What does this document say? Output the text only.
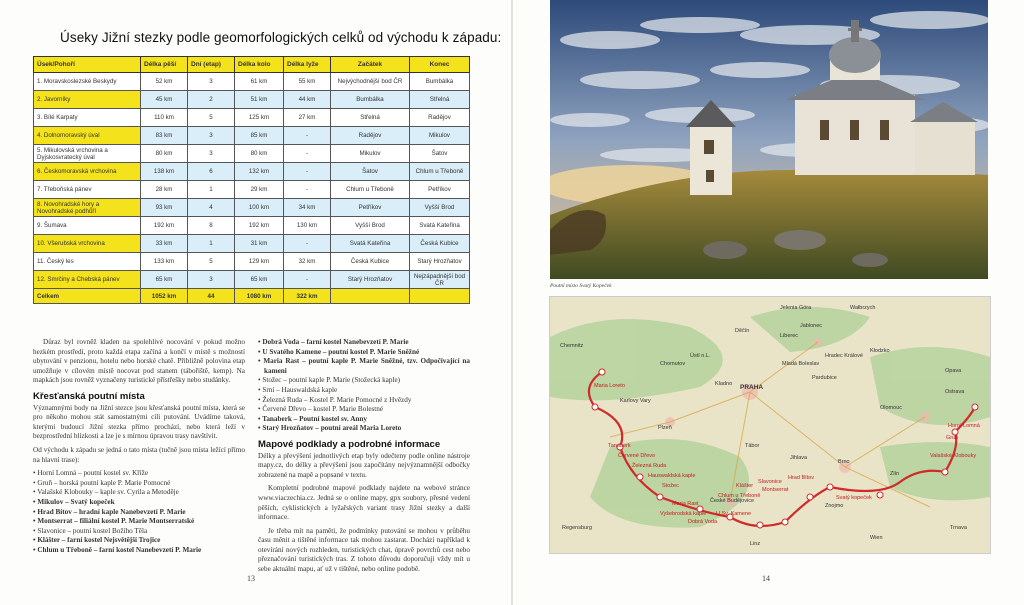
Úseky Jižní stezky podle geomorfologických celků od východu k západu:
Úsek/Pohoří	Délka pěší	Dní (etap)	Délka kolo	Délka lyže	Začátek	Konec
1. Moravskoslezské Beskydy	52 km	3	61 km	55 km	Nejvýchodnější bod ČR	Bumbálka
2. Javorníky	45 km	2	51 km	44 km	Bumbálka	Střelná
3. Bílé Karpaty	110 km	5	125 km	27 km	Střelná	Radějov
4. Dolnomoravský úval	83 km	3	85 km	-	Radějov	Mikulov
5. Mikulovská vrchovina a Dyjskosvratecký úval	80 km	3	80 km	-	Mikulov	Šatov
6. Českomoravská vrchovina	138 km	6	132 km	-	Šatov	Chlum u Třeboně
7. Třeboňská pánev	28 km	1	29 km	-	Chlum u Třeboně	Petříkov
8. Novohradské hory a Novohradské podhůří	93 km	4	100 km	34 km	Petříkov	Vyšší Brod
9. Šumava	192 km	8	192 km	130 km	Vyšší Brod	Svatá Kateřina
10. Všerubská vrchovina	33 km	1	31 km	-	Svatá Kateřina	Česká Kubice
11. Český les	133 km	5	129 km	32 km	Česká Kubice	Starý Hrozňatov
12. Smrčiny a Chebská pánev	65 km	3	65 km	-	Starý Hrozňatov	Nejzápadnější bod ČR
Celkem	1052 km	44	1080 km	322 km		

Důraz byl rovněž kladen na spolehlivé nocování v pokud možno hezkém prostředí, proto každá etapa začíná a končí v místě s možností ubytování v penzionu, hotelu nebo horské chatě. Přibližně polovina etap umožňuje v cílovém místě nocovat pod stanem (tábořiště, kemp). Na mapkách jsou rovněž vyznačeny turistické přístřešky nebo studánky.

Křesťanská poutní místa

Významnými body na Jižní stezce jsou křesťanská poutní místa, která se pro někoho mohou stát samostatnými cíli putování. Uvádíme taková, kterými budoucí Jižní stezka přímo prochází, nebo která leží v bezprostřední blízkosti a lze je s mírnou úpravou trasy navštívit.

Od východu k západu se jedná o tato místa (tučně jsou místa ležící přímo na hlavní trase):

• Horní Lomná – poutní kostel sv. Kříže
• Gruň – horská poutní kaple P. Marie Pomocné
• Valašské Klobouky – kaple sv. Cyrila a Metoděje
• Mikulov – Svatý kopeček
• Hrad Bítov – hradní kaple Nanebevzetí P. Marie
• Montserrat – filiální kostel P. Marie Montserratské
• Slavonice – poutní kostel Božího Těla
• Klášter – farní kostel Nejsvětější Trojice
• Chlum u Třeboně – farní kostel Nanebevzetí P. Marie
• Dobrá Voda – farní kostel Nanebevzetí P. Marie
• U Svatého Kamene – poutní kostel P. Marie Sněžné
• Maria Rast – poutní kaple P. Marie Sněžné, tzv. Odpočívající na kameni
• Stožec – poutní kaple P. Marie (Stožecká kaple)
• Srní – Hauswaldská kaple
• Železná Ruda – Kostel P. Marie Pomocné z Hvězdy
• Červené Dřevo – kostel P. Marie Bolestné
• Tanaberk – Poutní kostel sv. Anny
• Starý Hrozňatov – poutní areál Maria Loreto
Mapové podklady a podrobné informace

Délky a převýšení jednotlivých etap byly odečteny podle online nástroje mapy.cz, do délky a převýšení jsou započítány nejvýznamnější odbočky zobrazené na mapě a popsané v textu.

Kompletní podrobné mapové podklady najdete na webové stránce www.viaczechia.cz. Jedná se o online mapy, gpx soubory, přesné vedení pěších, cyklistických a lyžařských variant trasy Jižní stezky a další informace.

Je třeba mít na paměti, že podmínky putování se mohou v průběhu času měnit a tištěné informace tak mohou zastarat. Dochází například k otevírání nových rozhleden, turistických chat, úpravě povrchů cest nebo přeznačování turistických tras. Z tohoto důvodu doporučuji vždy mít u sebe aktuální mapu, ať už v tištěné, nebo online podobě.

13
Poutní místo Svatý Kopeček
PRAHA
Plzeň
Brno
České Budějovice
Jihlava
Zlín
Olomouc
Karlovy Vary
Liberec
Hradec Králové
Pardubice
Ostrava
Regensburg
Linz
Wien
Jablonec
Ústí n.L.
Děčín
Chemnitz
Wałbrzych
Jelenia Góra
Kłodzko
Opava
Tábor
Znojmo
Chomutov	Mladá Boleslav
Kladno
Trnava
Maria Loreto
Tanaberk
Červené Dřevo
Železná Ruda
Hauswaldská kaple
Stožec
Maria Rast
Vyšebrodská kaple
Dobrá Voda
U Sv. Kamene
Chlum u Třeboně
Klášter
Slavonice
Montserrat
Hrad Bítov
Svatý kopeček
Valašské Klobouky
Gruň
Horní Lomná
14
